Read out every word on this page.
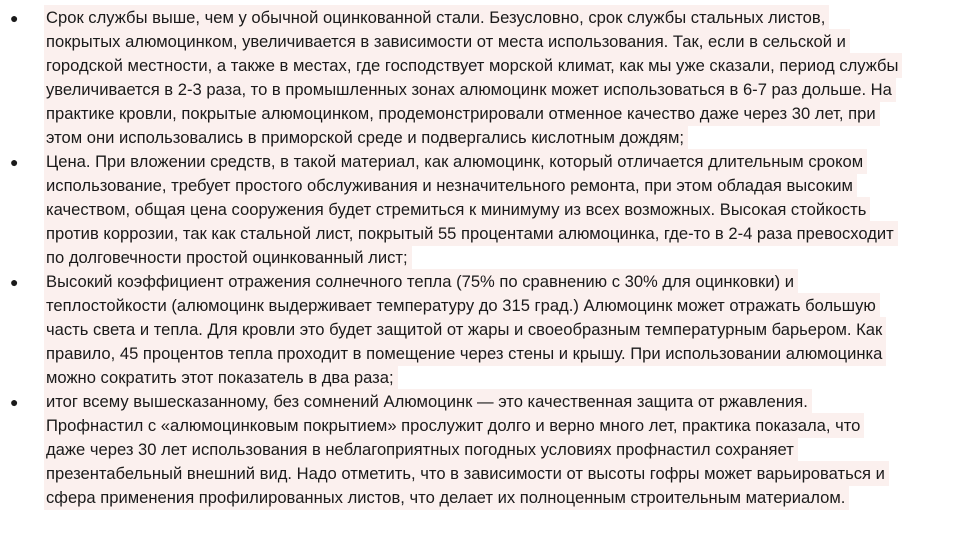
● Срок службы выше, чем у обычной оцинкованной стали. Безусловно, срок службы стальных листов,
покрытых алюмоцинком, увеличивается в зависимости от места использования. Так, если в сельской и
городской местности, а также в местах, где господствует морской климат, как мы уже сказали, период службы
увеличивается в 2-3 раза, то в промышленных зонах алюмоцинк может использоваться в 6-7 раз дольше. На
практике кровли, покрытые алюмоцинком, продемонстрировали отменное качество даже через 30 лет, при
этом они использовались в приморской среде и подвергались кислотным дождям;
● Цена. При вложении средств, в такой материал, как алюмоцинк, который отличается длительным сроком
использование, требует простого обслуживания и незначительного ремонта, при этом обладая высоким
качеством, общая цена сооружения будет стремиться к минимуму из всех возможных. Высокая стойкость
против коррозии, так как стальной лист, покрытый 55 процентами алюмоцинка, где-то в 2-4 раза превосходит
по долговечности простой оцинкованный лист;
● Высокий коэффициент отражения солнечного тепла (75% по сравнению с 30% для оцинковки) и
теплостойкости (алюмоцинк выдерживает температуру до 315 град.) Алюмоцинк может отражать большую
часть света и тепла. Для кровли это будет защитой от жары и своеобразным температурным барьером. Как
правило, 45 процентов тепла проходит в помещение через стены и крышу. При использовании алюмоцинка
можно сократить этот показатель в два раза;
● итог всему вышесказанному, без сомнений Алюмоцинк — это качественная защита от ржавления.
Профнастил с «алюмоцинковым покрытием» прослужит долго и верно много лет, практика показала, что
даже через 30 лет использования в неблагоприятных погодных условиях профнастил сохраняет
презентабельный внешний вид. Надо отметить, что в зависимости от высоты гофры может варьироваться и
сфера применения профилированных листов, что делает их полноценным строительным материалом.
